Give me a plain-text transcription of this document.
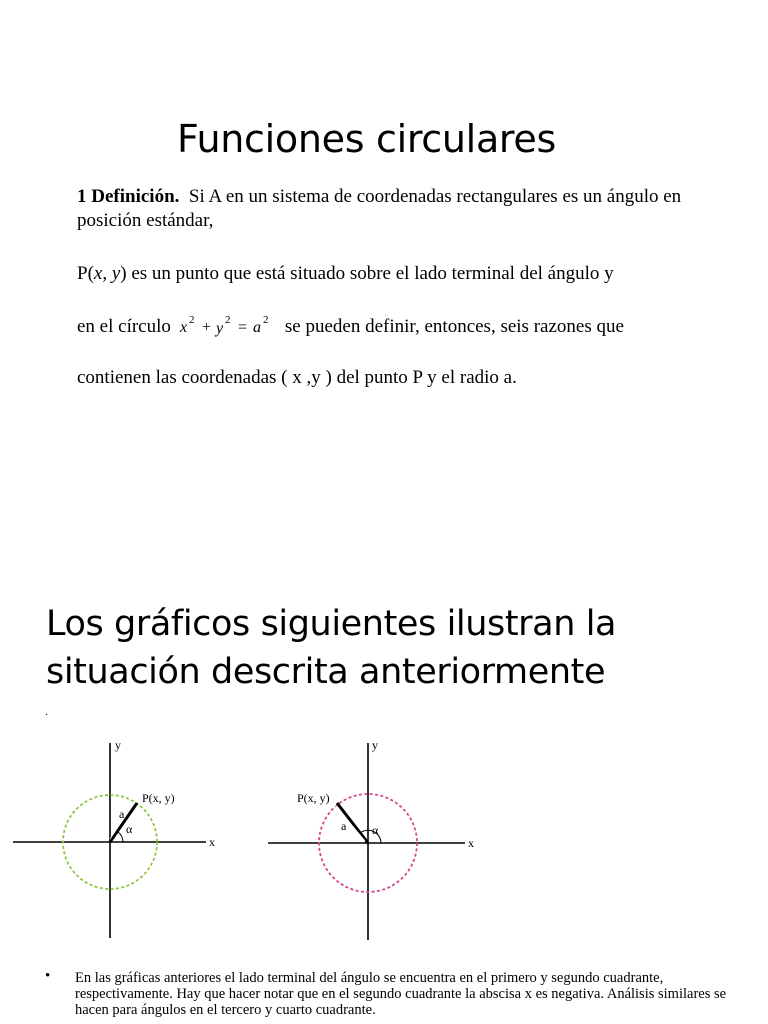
Funciones circulares
1 Definición. Si A en un sistema de coordenadas rectangulares es un ángulo en posición estándar,
P(x, y) es un punto que está situado sobre el lado terminal del ángulo y
en el círculo x 2 + y 2 = a 2 se pueden definir, entonces, seis razones que
contienen las coordenadas ( x ,y ) del punto P y el radio a.
Los gráficos siguientes ilustran la situación descrita anteriormente
.
x
y
P(x, y)
a
α
x
y
P(x, y)
a α
• En las gráficas anteriores el lado terminal del ángulo se encuentra en el primero y segundo cuadrante, respectivamente. Hay que hacer notar que en el segundo cuadrante la abscisa x es negativa. Análisis similares se hacen para ángulos en el tercero y cuarto cuadrante.
